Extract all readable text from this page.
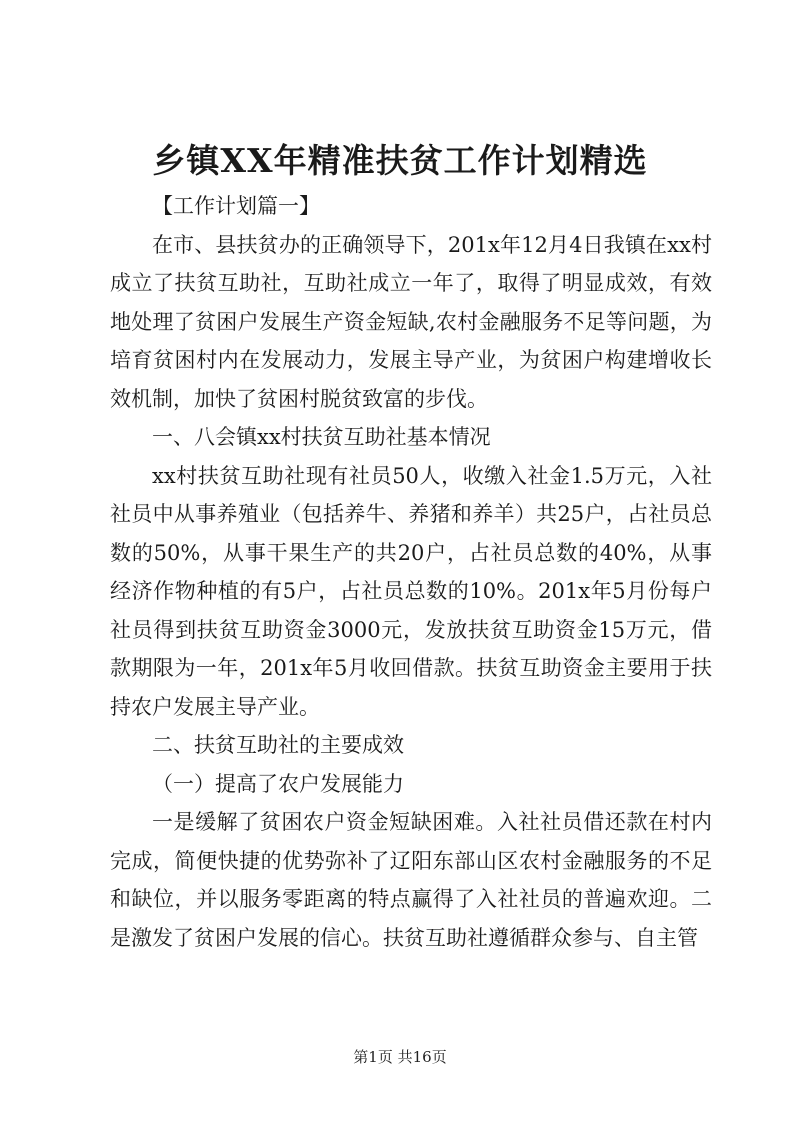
乡镇XX年精准扶贫工作计划精选

【工作计划篇一】

在市、县扶贫办的正确领导下，201x年12月4日我镇在xx村成立了扶贫互助社，互助社成立一年了，取得了明显成效，有效地处理了贫困户发展生产资金短缺,农村金融服务不足等问题，为培育贫困村内在发展动力，发展主导产业，为贫困户构建增收长效机制，加快了贫困村脱贫致富的步伐。

一、八会镇xx村扶贫互助社基本情况

xx村扶贫互助社现有社员50人，收缴入社金1.5万元，入社社员中从事养殖业（包括养牛、养猪和养羊）共25户，占社员总数的50%，从事干果生产的共20户，占社员总数的40%，从事经济作物种植的有5户，占社员总数的10%。201x年5月份每户社员得到扶贫互助资金3000元，发放扶贫互助资金15万元，借款期限为一年，201x年5月收回借款。扶贫互助资金主要用于扶持农户发展主导产业。

二、扶贫互助社的主要成效

（一）提高了农户发展能力

一是缓解了贫困农户资金短缺困难。入社社员借还款在村内完成，简便快捷的优势弥补了辽阳东部山区农村金融服务的不足和缺位，并以服务零距离的特点赢得了入社社员的普遍欢迎。二是激发了贫困户发展的信心。扶贫互助社遵循群众参与、自主管

第1页 共16页
